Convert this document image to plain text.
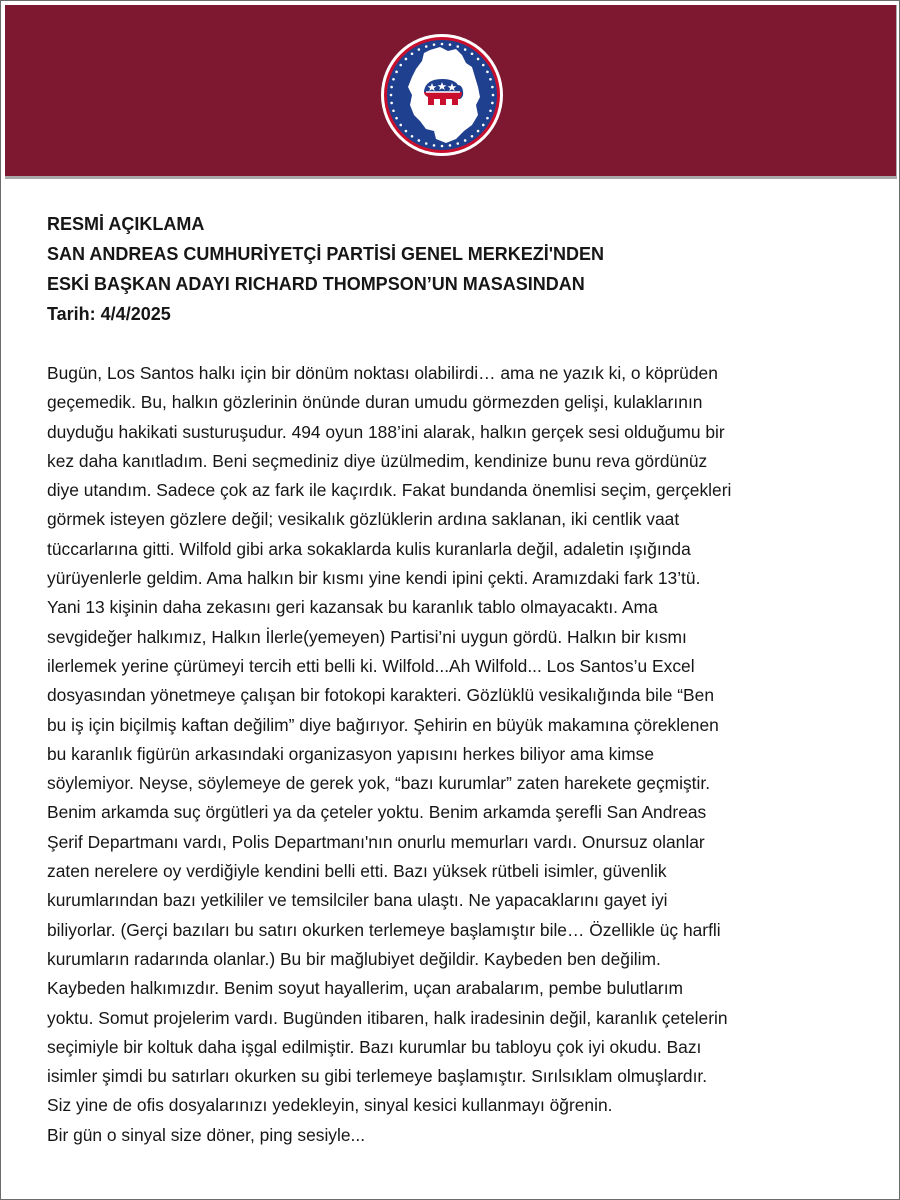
RESMİ AÇIKLAMA

SAN ANDREAS CUMHURİYETÇİ PARTİSİ GENEL MERKEZİ'NDEN

ESKİ BAŞKAN ADAYI RICHARD THOMPSON’UN MASASINDAN

Tarih: 4/4/2025

Bugün, Los Santos halkı için bir dönüm noktası olabilirdi… ama ne yazık ki, o köprüden
geçemedik. Bu, halkın gözlerinin önünde duran umudu görmezden gelişi, kulaklarının
duyduğu hakikati susturuşudur. 494 oyun 188’ini alarak, halkın gerçek sesi olduğumu bir
kez daha kanıtladım. Beni seçmediniz diye üzülmedim, kendinize bunu reva gördünüz
diye utandım. Sadece çok az fark ile kaçırdık. Fakat bundanda önemlisi seçim, gerçekleri
görmek isteyen gözlere değil; vesikalık gözlüklerin ardına saklanan, iki centlik vaat
tüccarlarına gitti. Wilfold gibi arka sokaklarda kulis kuranlarla değil, adaletin ışığında
yürüyenlerle geldim. Ama halkın bir kısmı yine kendi ipini çekti. Aramızdaki fark 13’tü.
Yani 13 kişinin daha zekasını geri kazansak bu karanlık tablo olmayacaktı. Ama
sevgideğer halkımız, Halkın İlerle(yemeyen) Partisi’ni uygun gördü. Halkın bir kısmı
ilerlemek yerine çürümeyi tercih etti belli ki. Wilfold...Ah Wilfold... Los Santos’u Excel
dosyasından yönetmeye çalışan bir fotokopi karakteri. Gözlüklü vesikalığında bile “Ben
bu iş için biçilmiş kaftan değilim” diye bağırıyor. Şehirin en büyük makamına çöreklenen
bu karanlık figürün arkasındaki organizasyon yapısını herkes biliyor ama kimse
söylemiyor. Neyse, söylemeye de gerek yok, “bazı kurumlar” zaten harekete geçmiştir.
Benim arkamda suç örgütleri ya da çeteler yoktu. Benim arkamda şerefli San Andreas
Şerif Departmanı vardı, Polis Departmanı'nın onurlu memurları vardı. Onursuz olanlar
zaten nerelere oy verdiğiyle kendini belli etti. Bazı yüksek rütbeli isimler, güvenlik
kurumlarından bazı yetkililer ve temsilciler bana ulaştı. Ne yapacaklarını gayet iyi
biliyorlar. (Gerçi bazıları bu satırı okurken terlemeye başlamıştır bile… Özellikle üç harfli
kurumların radarında olanlar.) Bu bir mağlubiyet değildir. Kaybeden ben değilim.
Kaybeden halkımızdır. Benim soyut hayallerim, uçan arabalarım, pembe bulutlarım
yoktu. Somut projelerim vardı. Bugünden itibaren, halk iradesinin değil, karanlık çetelerin
seçimiyle bir koltuk daha işgal edilmiştir. Bazı kurumlar bu tabloyu çok iyi okudu. Bazı
isimler şimdi bu satırları okurken su gibi terlemeye başlamıştır. Sırılsıklam olmuşlardır.
Siz yine de ofis dosyalarınızı yedekleyin, sinyal kesici kullanmayı öğrenin.
Bir gün o sinyal size döner, ping sesiyle...
